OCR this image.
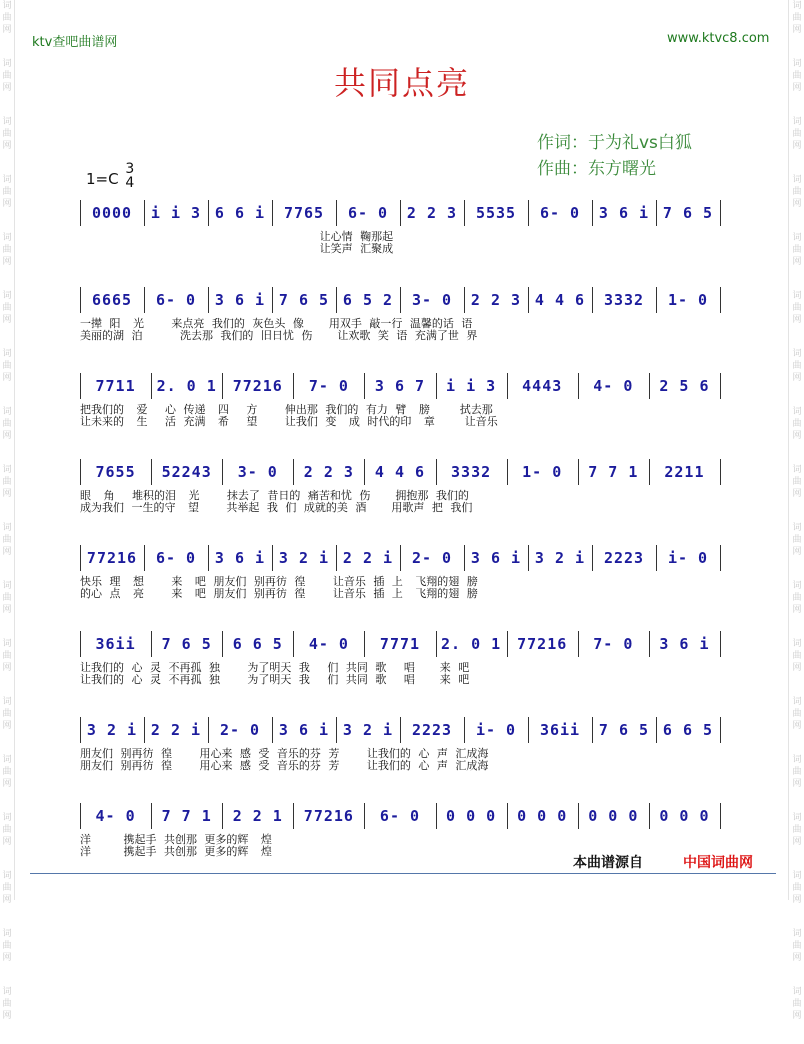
词
曲
网
词
曲
网
词
曲
网
词
曲
网
词
曲
网
词
曲
网
词
曲
网
词
曲
网
词
曲
网
词
曲
网
词
曲
网
词
曲
网
词
曲
网
词
曲
网
词
曲
网
词
曲
网
词
曲
网
词
曲
网
词
曲
网
词
曲
网
词
曲
网
词
曲
网
词
曲
网
词
曲
网
词
曲
网
词
曲
网
词
曲
网
词
曲
网
词
曲
网
词
曲
网
词
曲
网
词
曲
网
词
曲
网
词
曲
网
词
曲
网
词
曲
网
ktv查吧曲谱网	www.ktvc8.com
共同点亮
作词：于为礼vs白狐
作曲：东方曙光
1=C 3
4
0000	i i 3 6 6 i	7765	6- 0	2 2 3	5535	6- 0	3 6 i 7 6 5
让心情   鞠那起
让笑声   汇聚成
6665	6- 0	3 6 i 7 6 5 6 5 2	3- 0	2 2 3 4 4 6	3332	1- 0
一撵   阳     光           来点亮   我们的   灰色头   像          用双手   敲一行   温馨的话   语
美丽的湖   泊               洗去那   我们的   旧日忧   伤          让欢歌   笑   语   充满了世   界
7711	2. 0 1	77216	7- 0	3 6 7	i i 3	4443	4- 0	2 5 6
把我们的     爱       心   传递     四       方           伸出那   我们的   有力   臂     膀            拭去那
让未来的     生       活   充满     希       望           让我们   变     成   时代的印     章            让音乐
7655	52243	3- 0	2 2 3	4 4 6	3332	1- 0	7 7 1	2211
眼     角       堆积的泪     光           抹去了   昔日的   痛苦和忧   伤          拥抱那   我们的
成为我们   一生的守     望           共举起   我   们   成就的美   酒          用歌声   把   我们
77216	6- 0	3 6 i 3 2 i 2 2 i	2- 0	3 6 i 3 2 i	2223	i- 0
快乐   理     想           来     吧   朋友们   别再彷   徨           让音乐   插   上     飞翔的翅   膀
的心   点     亮           来     吧   朋友们   别再彷   徨           让音乐   插   上     飞翔的翅   膀
36ii	7 6 5	6 6 5	4- 0	7771	2. 0 1	77216	7- 0	3 6 i
让我们的   心   灵   不再孤   独           为了明天   我       们   共同   歌       唱          来   吧
让我们的   心   灵   不再孤   独           为了明天   我       们   共同   歌       唱          来   吧
3 2 i 2 2 i	2- 0	3 6 i 3 2 i	2223	i- 0	36ii	7 6 5 6 6 5
朋友们   别再彷   徨           用心来   感   受   音乐的芬   芳           让我们的   心   声   汇成海
朋友们   别再彷   徨           用心来   感   受   音乐的芬   芳           让我们的   心   声   汇成海
4- 0	7 7 1	2 2 1	77216	6- 0	0 0 0	0 0 0	0 0 0	0 0 0
洋             携起手   共创那   更多的辉     煌
洋             携起手   共创那   更多的辉     煌
本曲谱源自	中国词曲网
